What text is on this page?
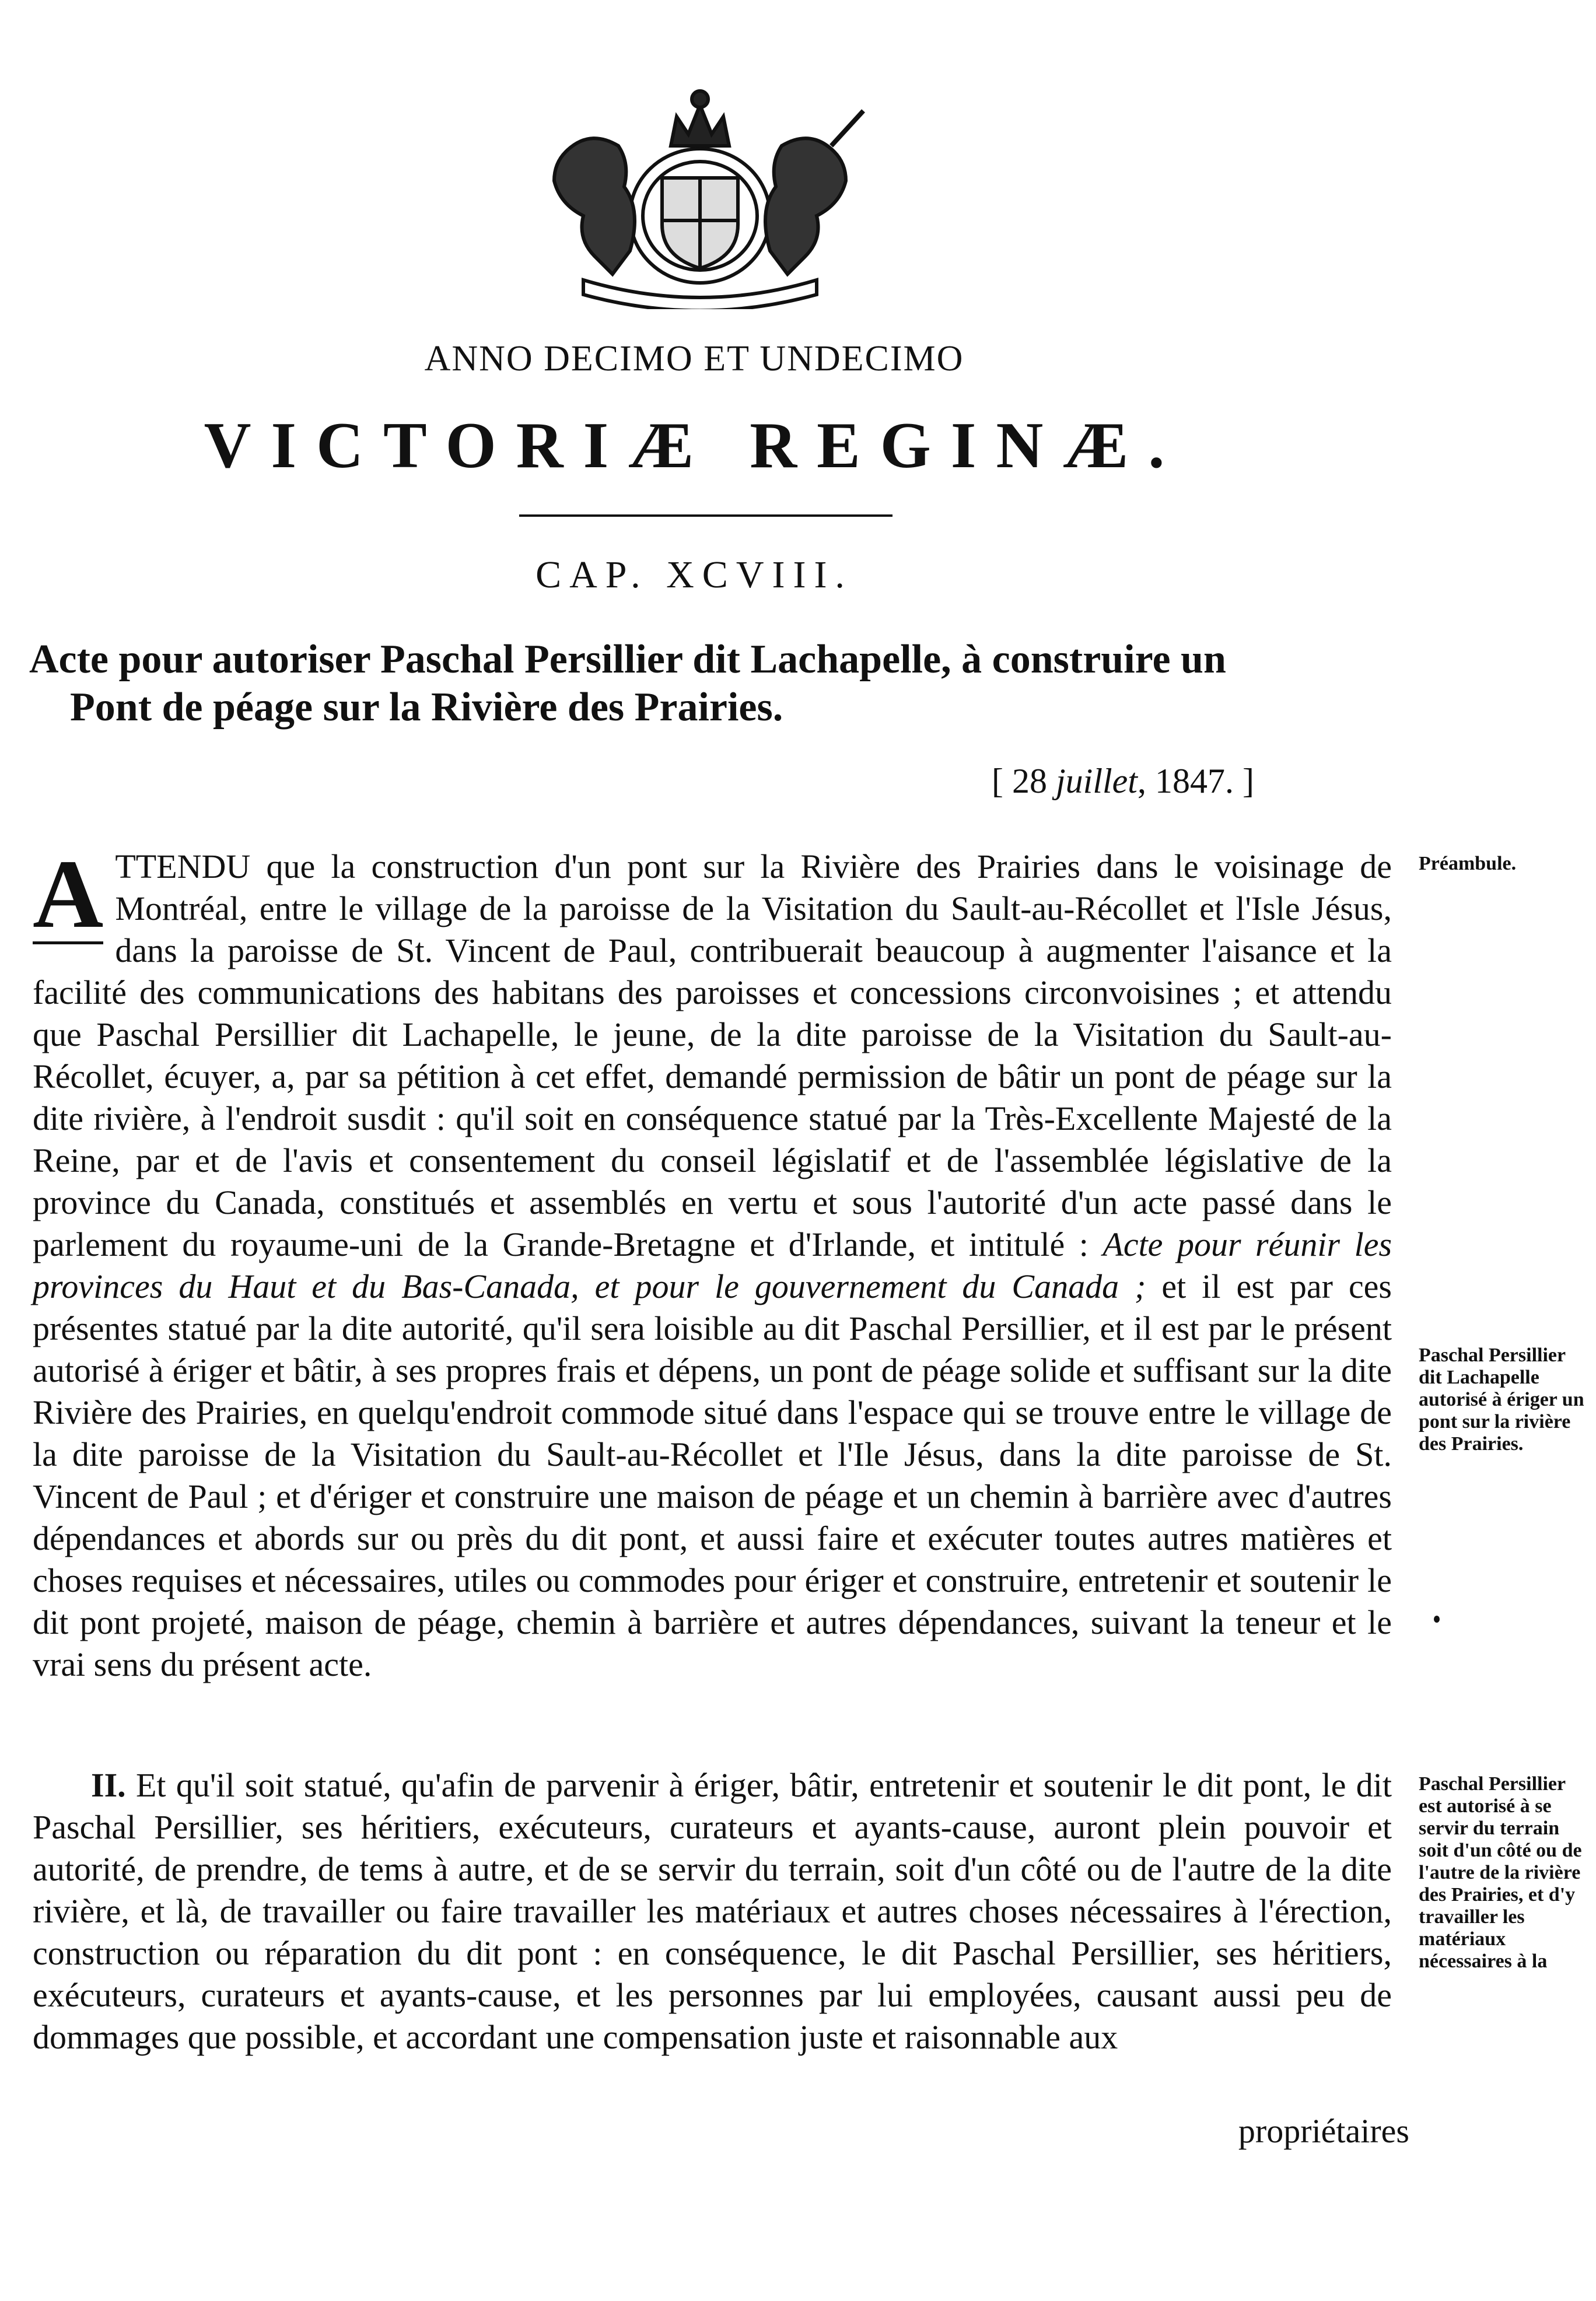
ANNO DECIMO ET UNDECIMO
VICTORIÆ REGINÆ.
CAP. XCVIII.
Acte pour autoriser Paschal Persillier dit Lachapelle, à construire un
Pont de péage sur la Rivière des Prairies.
[ 28 juillet, 1847. ]
A TTENDU que la construction d'un pont sur la Rivière des Prairies dans le voisinage de Montréal, entre le village de la paroisse de la Visitation du Sault-au-Récollet et l'Isle Jésus, dans la paroisse de St. Vincent de Paul, contribuerait beaucoup à augmenter l'aisance et la facilité des communications des habitans des paroisses et concessions circonvoisines ; et attendu que Paschal Persillier dit Lachapelle, le jeune, de la dite paroisse de la Visitation du Sault-au-Récollet, écuyer, a, par sa pétition à cet effet, demandé permission de bâtir un pont de péage sur la dite rivière, à l'endroit susdit : qu'il soit en conséquence statué par la Très-Excellente Majesté de la Reine, par et de l'avis et consentement du conseil législatif et de l'assemblée législative de la province du Canada, constitués et assemblés en vertu et sous l'autorité d'un acte passé dans le parlement du royaume-uni de la Grande-Bretagne et d'Irlande, et intitulé : Acte pour réunir les provinces du Haut et du Bas-Canada, et pour le gouvernement du Canada ; et il est par ces présentes statué par la dite autorité, qu'il sera loisible au dit Paschal Persillier, et il est par le présent autorisé à ériger et bâtir, à ses propres frais et dépens, un pont de péage solide et suffisant sur la dite Rivière des Prairies, en quelqu'endroit commode situé dans l'espace qui se trouve entre le village de la dite paroisse de la Visitation du Sault-au-Récollet et l'Ile Jésus, dans la dite paroisse de St. Vincent de Paul ; et d'ériger et construire une maison de péage et un chemin à barrière avec d'autres dépendances et abords sur ou près du dit pont, et aussi faire et exécuter toutes autres matières et choses requises et nécessaires, utiles ou commodes pour ériger et construire, entretenir et soutenir le dit pont projeté, maison de péage, chemin à barrière et autres dépendances, suivant la teneur et le vrai sens du présent acte.
II. Et qu'il soit statué, qu'afin de parvenir à ériger, bâtir, entretenir et soutenir le dit pont, le dit Paschal Persillier, ses héritiers, exécuteurs, curateurs et ayants-cause, auront plein pouvoir et autorité, de prendre, de tems à autre, et de se servir du terrain, soit d'un côté ou de l'autre de la dite rivière, et là, de travailler ou faire travailler les matériaux et autres choses nécessaires à l'érection, construction ou réparation du dit pont : en conséquence, le dit Paschal Persillier, ses héritiers, exécuteurs, curateurs et ayants-cause, et les personnes par lui employées, causant aussi peu de dommages que possible, et accordant une compensation juste et raisonnable aux
propriétaires
Préambule.
Paschal Persillier dit Lachapelle autorisé à ériger un pont sur la rivière des Prairies.
Paschal Persillier est autorisé à se servir du terrain soit d'un côté ou de l'autre de la rivière des Prairies, et d'y travailler les matériaux nécessaires à la
